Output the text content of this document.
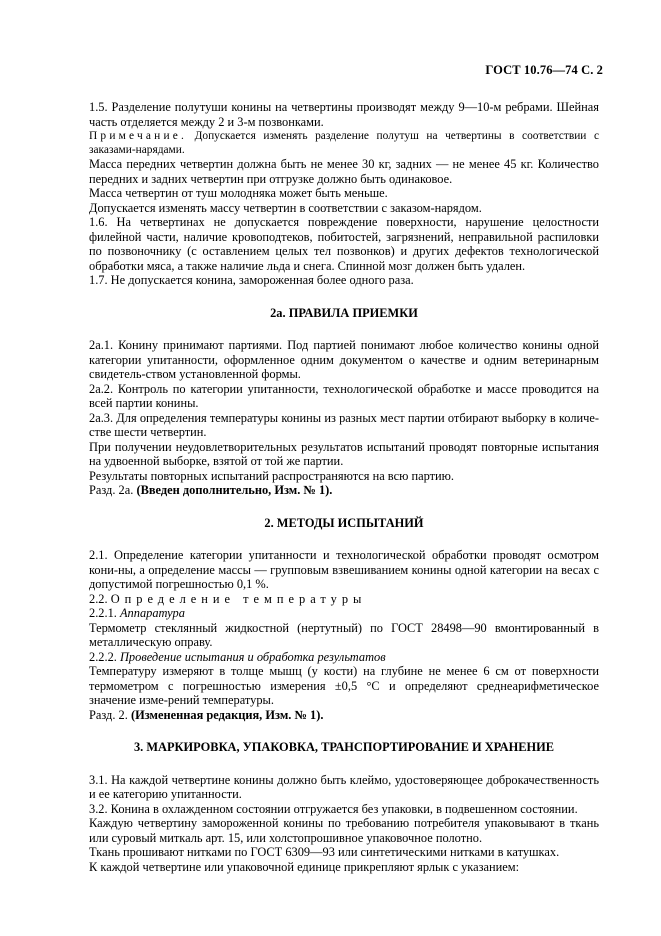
ГОСТ 10.76—74 С. 2

1.5. Разделение полутуши конины на четвертины производят между 9—10-м ребрами. Шейная часть отделяется между 2 и 3-м позвонками.

Примечание. Допускается изменять разделение полутуш на четвертины в соответствии с заказами-нарядами.

Масса передних четвертин должна быть не менее 30 кг, задних — не менее 45 кг. Количество передних и задних четвертин при отгрузке должно быть одинаковое.

Масса четвертин от туш молодняка может быть меньше.

Допускается изменять массу четвертин в соответствии с заказом-нарядом.

1.6. На четвертинах не допускается повреждение поверхности, нарушение целостности филейной части, наличие кровоподтеков, побитостей, загрязнений, неправильной распиловки по позвоночнику (с оставлением целых тел позвонков) и других дефектов технологической обработки мяса, а также наличие льда и снега. Спинной мозг должен быть удален.

1.7. Не допускается конина, замороженная более одного раза.

2а. ПРАВИЛА ПРИЕМКИ

2а.1. Конину принимают партиями. Под партией понимают любое количество конины одной категории упитанности, оформленное одним документом о качестве и одним ветеринарным свидетель-ством установленной формы.

2а.2. Контроль по категории упитанности, технологической обработке и массе проводится на всей партии конины.

2а.3. Для определения температуры конины из разных мест партии отбирают выборку в количе-стве шести четвертин.

При получении неудовлетворительных результатов испытаний проводят повторные испытания на удвоенной выборке, взятой от той же партии.

Результаты повторных испытаний распространяются на всю партию.

Разд. 2а. (Введен дополнительно, Изм. № 1).

2. МЕТОДЫ ИСПЫТАНИЙ

2.1. Определение категории упитанности и технологической обработки проводят осмотром кони-ны, а определение массы — групповым взвешиванием конины одной категории на весах с допустимой погрешностью 0,1 %.

2.2. Определение температуры

2.2.1. Аппаратура

Термометр стеклянный жидкостной (нертутный) по ГОСТ 28498—90 вмонтированный в металлическую оправу.

2.2.2. Проведение испытания и обработка результатов

Температуру измеряют в толще мышц (у кости) на глубине не менее 6 см от поверхности термометром с погрешностью измерения ±0,5 °С и определяют среднеарифметическое значение изме-рений температуры.

Разд. 2. (Измененная редакция, Изм. № 1).

3. МАРКИРОВКА, УПАКОВКА, ТРАНСПОРТИРОВАНИЕ И ХРАНЕНИЕ

3.1. На каждой четвертине конины должно быть клеймо, удостоверяющее доброкачественность и ее категорию упитанности.

3.2. Конина в охлажденном состоянии отгружается без упаковки, в подвешенном состоянии.

Каждую четвертину замороженной конины по требованию потребителя упаковывают в ткань или суровый миткаль арт. 15, или холстопрошивное упаковочное полотно.

Ткань прошивают нитками по ГОСТ 6309—93 или синтетическими нитками в катушках.

К каждой четвертине или упаковочной единице прикрепляют ярлык с указанием:
